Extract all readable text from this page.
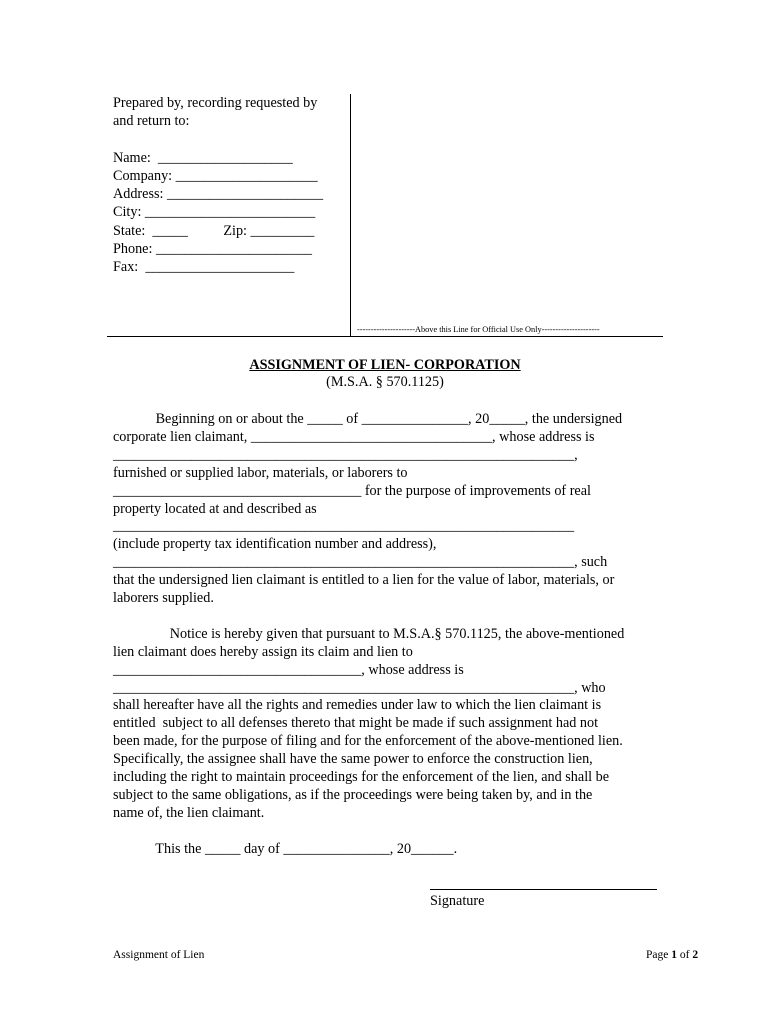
Prepared by, recording requested by
and return to:
Name:  ___________________
Company: ____________________
Address: ______________________
City: ________________________
State:  _____          Zip: _________
Phone: ______________________
Fax:  _____________________
---------------------Above this Line for Official Use Only---------------------
ASSIGNMENT OF LIEN- CORPORATION
(M.S.A. § 570.1125)
Beginning on or about the _____ of _______________, 20_____, the undersigned
corporate lien claimant, __________________________________, whose address is
_________________________________________________________________,
furnished or supplied labor, materials, or laborers to
___________________________________ for the purpose of improvements of real
property located at and described as
_________________________________________________________________
(include property tax identification number and address),
_________________________________________________________________, such
that the undersigned lien claimant is entitled to a lien for the value of labor, materials, or
laborers supplied.
Notice is hereby given that pursuant to M.S.A.§ 570.1125, the above-mentioned
lien claimant does hereby assign its claim and lien to
___________________________________, whose address is
_________________________________________________________________, who
shall hereafter have all the rights and remedies under law to which the lien claimant is
entitled  subject to all defenses thereto that might be made if such assignment had not
been made, for the purpose of filing and for the enforcement of the above-mentioned lien.
Specifically, the assignee shall have the same power to enforce the construction lien,
including the right to maintain proceedings for the enforcement of the lien, and shall be
subject to the same obligations, as if the proceedings were being taken by, and in the
name of, the lien claimant.
This the _____ day of _______________, 20______.
Signature
Assignment of Lien	Page 1 of 2
